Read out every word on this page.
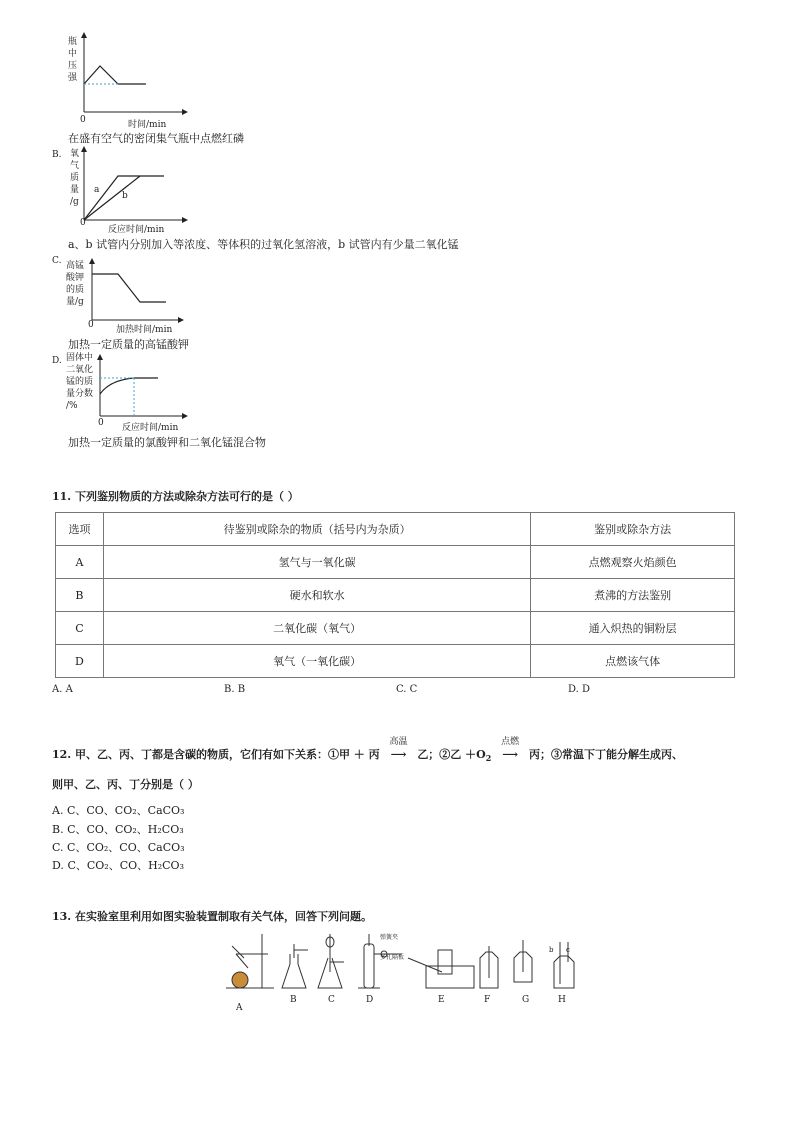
瓶
中
压
强
0	时间/min
在盛有空气的密闭集气瓶中点燃红磷
B. 氧
气
质
量
/g
a
b
0
反应时间/min
a、b 试管内分别加入等浓度、等体积的过氧化氢溶液，b 试管内有少量二氧化锰
C. 高锰
酸钾
的质
量/g
0 加热时间/min
加热一定质量的高锰酸钾
D. 固体中
二氧化
锰的质
量分数
/%
0 反应时间/min
加热一定质量的氯酸钾和二氧化锰混合物
11. 下列鉴别物质的方法或除杂方法可行的是（ ）
选项	待鉴别或除杂的物质（括号内为杂质）	鉴别或除杂方法
A	氢气与一氧化碳	点燃观察火焰颜色
B	硬水和软水	煮沸的方法鉴别
C	二氧化碳（氧气）	通入炽热的铜粉层
D	氧气（一氧化碳）	点燃该气体
A. A	B. B	C. C	D. D
12. 甲、乙、丙、丁都是含碳的物质，它们有如下关系：①甲 ＋ 丙
高温
⟶ 乙；②乙 $+O_2$
点燃
⟶ 丙；③常温下丁能分解生成丙、
则甲、乙、丙、丁分别是（ ）
A. C、CO、CO₂、CaCO₃
B. C、CO、CO₂、H₂CO₃
C. C、CO₂、CO、CaCO₃
D. C、CO₂、CO、H₂CO₃
13. 在实验室里利用如图实验装置制取有关气体，回答下列问题。
A
B	C	D	E	F	G	H
弹簧夹
多孔隔板
b c
